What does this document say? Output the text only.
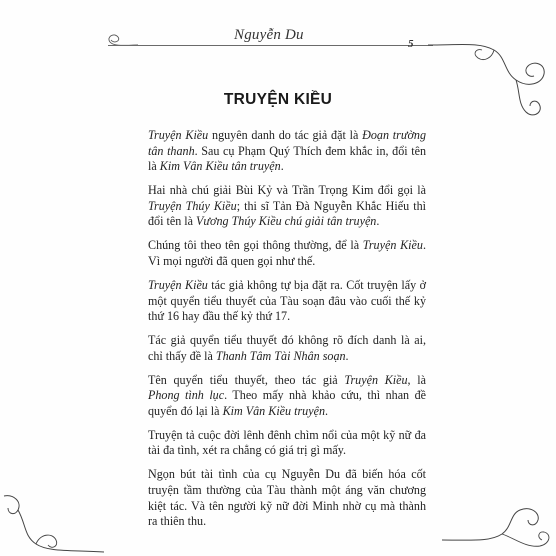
Nguyễn Du
5
TRUYỆN KIỀU

Truyện Kiều nguyên danh do tác giả đặt là Đoạn trường tân thanh. Sau cụ Phạm Quý Thích đem khắc in, đổi tên là Kim Vân Kiều tân truyện.

Hai nhà chú giải Bùi Kỷ và Trần Trọng Kim đổi gọi là Truyện Thúy Kiều; thi sĩ Tản Đà Nguyễn Khắc Hiếu thì đổi tên là Vương Thúy Kiều chú giải tân truyện.

Chúng tôi theo tên gọi thông thường, để là Truyện Kiều. Vì mọi người đã quen gọi như thế.

Truyện Kiều tác giả không tự bịa đặt ra. Cốt truyện lấy ở một quyển tiểu thuyết của Tàu soạn đâu vào cuối thế kỷ thứ 16 hay đầu thế kỷ thứ 17.

Tác giả quyển tiểu thuyết đó không rõ đích danh là ai, chỉ thấy đề là Thanh Tâm Tài Nhân soạn.

Tên quyển tiểu thuyết, theo tác giả Truyện Kiều, là Phong tình lục. Theo mấy nhà khảo cứu, thì nhan đề quyển đó lại là Kim Vân Kiều truyện.

Truyện tả cuộc đời lênh đênh chìm nổi của một kỹ nữ đa tài đa tình, xét ra chẳng có giá trị gì mấy.

Ngọn bút tài tình của cụ Nguyễn Du đã biến hóa cốt truyện tầm thường của Tàu thành một áng văn chương kiệt tác. Và tên người kỹ nữ đời Minh nhờ cụ mà thành ra thiên thu.
